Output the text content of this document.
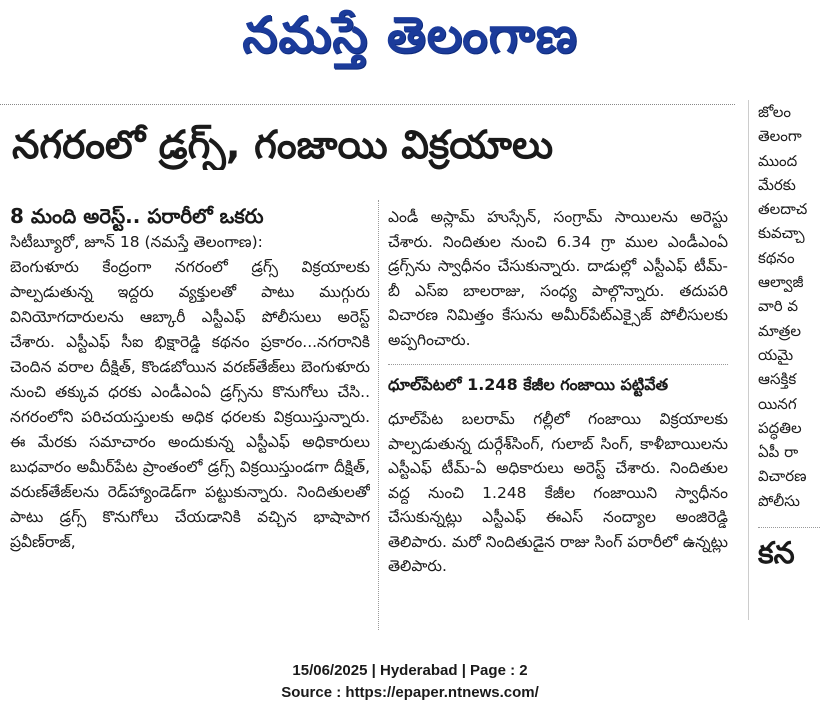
నమస్తే తెలంగాణ
నగరంలో డ్రగ్స్, గంజాయి విక్రయాలు
8 మంది అరెస్ట్.. పరారీలో ఒకరు
సిటీబ్యూరో, జూన్ 18 (నమస్తే తెలంగాణ):
బెంగుళూరు కేంద్రంగా నగరంలో డ్రగ్స్ విక్రయాలకు పాల్పడుతున్న ఇద్దరు వ్యక్తులతో పాటు ముగ్గురు వినియోగదారులను ఆబ్కారీ ఎస్టీఎఫ్ పోలీసులు అరెస్ట్ చేశారు. ఎస్టీఎఫ్ సీఐ భిక్షారెడ్డి కథనం ప్రకారం...నగరానికి చెందిన వరాల దీక్షిత్, కొండబోయిన వరణ్‌తేజ్‌లు బెంగుళూరు నుంచి తక్కువ ధరకు ఎండీఎంఏ డ్రగ్స్‌ను కొనుగోలు చేసి.. నగరంలోని పరిచయస్తులకు అధిక ధరలకు విక్రయిస్తున్నారు. ఈ మేరకు సమాచారం అందుకున్న ఎస్టీఎఫ్ అధికారులు బుధవారం అమీర్‌పేట ప్రాంతంలో డ్రగ్స్ విక్రయిస్తుండగా దీక్షిత్, వరుణ్‌తేజ్‌లను రెడ్‌హ్యాండెడ్‌గా పట్టుకున్నారు. నిందితులతో పాటు డ్రగ్స్ కొనుగోలు చేయడానికి వచ్చిన భాషాపాగ ప్రవీణ్‌రాజ్,
ఎండీ అస్లామ్ హుస్సేన్, సంగ్రామ్ సాయిలను అరెస్టు చేశారు. నిందితుల నుంచి 6.34 గ్రా ముల ఎండీఎంఏ డ్రగ్స్‌ను స్వాధీనం చేసుకున్నారు. దాడుల్లో ఎస్టీఎఫ్ టీమ్-బీ ఎస్ఐ బాలరాజు, సంధ్య పాల్గొన్నారు. తదుపరి విచారణ నిమిత్తం కేసును అమీర్‌పేట్‌ఎక్సైజ్ పోలీసులకు అప్పగించారు.
ధూల్‌పేటలో 1.248 కేజీల గంజాయి పట్టివేత
ధూల్‌పేట బలరామ్ గల్లీలో గంజాయి విక్రయాలకు పాల్పడుతున్న దుర్గేశ్‌సింగ్, గులాబ్ సింగ్, కాళీబాయిలను ఎస్టీఎఫ్ టీమ్-ఏ అధికారులు అరెస్ట్ చేశారు. నిందితుల వద్ద నుంచి 1.248 కేజీల గంజాయిని స్వాధీనం చేసుకున్నట్లు ఎస్టీఎఫ్ ఈఎస్ నంద్యాల అంజిరెడ్డి తెలిపారు. మరో నిందితుడైన రాజు సింగ్ పరారీలో ఉన్నట్లు తెలిపారు.
జోలం
తెలంగా
ముంద
మేరకు
తలదాచ
కువచ్చా
కథనం
ఆల్వాజీ
వారి వ
మాత్రల
యమై
ఆసక్తిక
యినగ
పద్ధతిల
ఏపీ రా
విచారణ
పోలీసు
కన
15/06/2025 | Hyderabad | Page : 2
Source : https://epaper.ntnews.com/
